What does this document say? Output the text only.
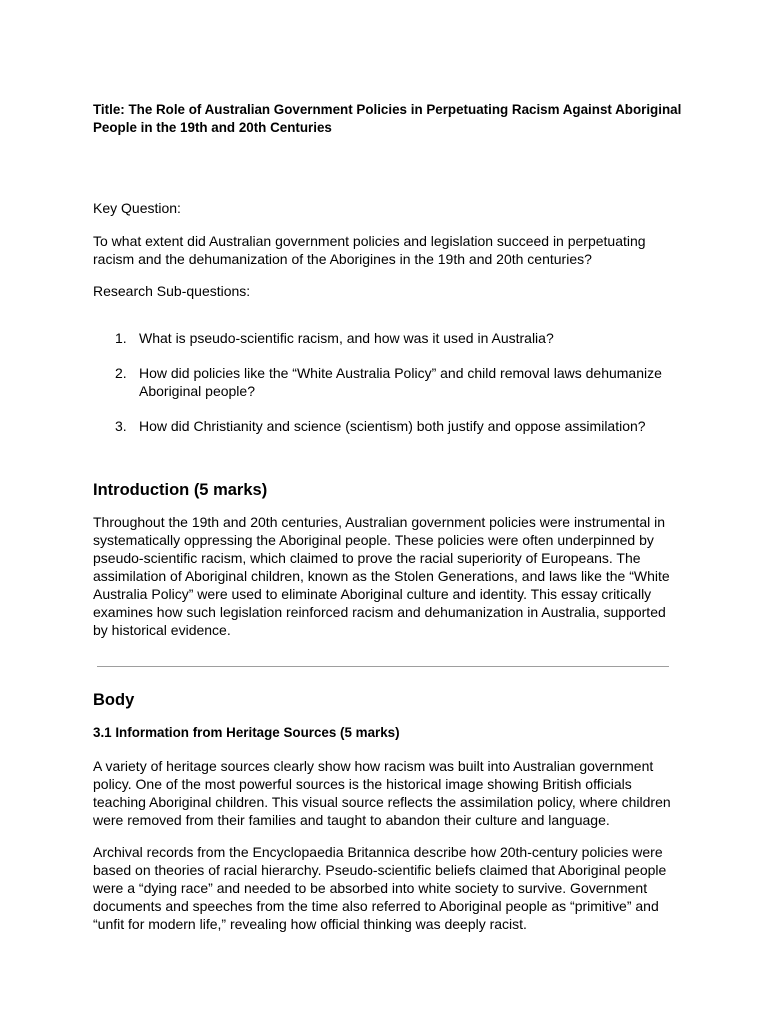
Title: The Role of Australian Government Policies in Perpetuating Racism Against Aboriginal People in the 19th and 20th Centuries

Key Question:

To what extent did Australian government policies and legislation succeed in perpetuating racism and the dehumanization of the Aborigines in the 19th and 20th centuries?

Research Sub-questions:

1. What is pseudo-scientific racism, and how was it used in Australia?
2. How did policies like the “White Australia Policy” and child removal laws dehumanize Aboriginal people?
3. How did Christianity and science (scientism) both justify and oppose assimilation?
Introduction (5 marks)

Throughout the 19th and 20th centuries, Australian government policies were instrumental in systematically oppressing the Aboriginal people. These policies were often underpinned by pseudo-scientific racism, which claimed to prove the racial superiority of Europeans. The assimilation of Aboriginal children, known as the Stolen Generations, and laws like the “White Australia Policy” were used to eliminate Aboriginal culture and identity. This essay critically examines how such legislation reinforced racism and dehumanization in Australia, supported by historical evidence.

Body
3.1 Information from Heritage Sources (5 marks)

A variety of heritage sources clearly show how racism was built into Australian government policy. One of the most powerful sources is the historical image showing British officials teaching Aboriginal children. This visual source reflects the assimilation policy, where children were removed from their families and taught to abandon their culture and language.

Archival records from the Encyclopaedia Britannica describe how 20th-century policies were based on theories of racial hierarchy. Pseudo-scientific beliefs claimed that Aboriginal people were a “dying race” and needed to be absorbed into white society to survive. Government documents and speeches from the time also referred to Aboriginal people as “primitive” and “unfit for modern life,” revealing how official thinking was deeply racist.
